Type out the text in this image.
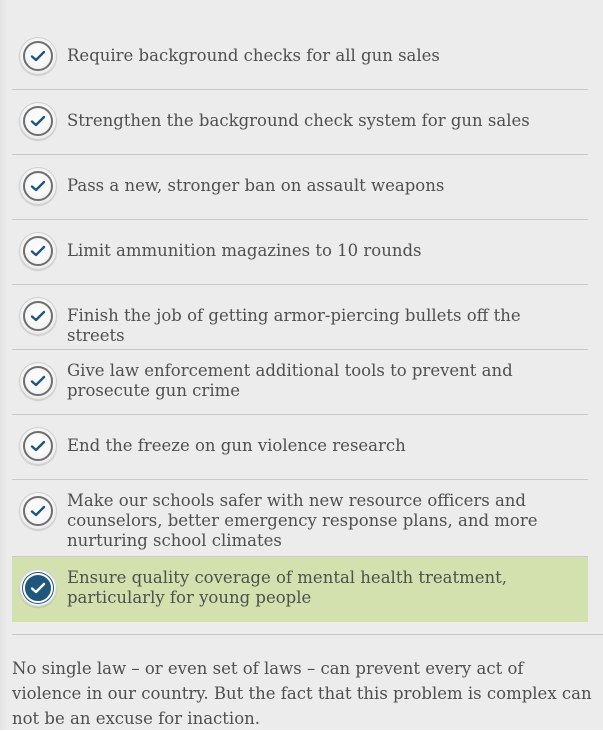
Require background checks for all gun sales
Strengthen the background check system for gun sales
Pass a new, stronger ban on assault weapons
Limit ammunition magazines to 10 rounds
Finish the job of getting armor-piercing bullets off the streets
Give law enforcement additional tools to prevent and prosecute gun crime
End the freeze on gun violence research
Make our schools safer with new resource officers and counselors, better emergency response plans, and more nurturing school climates
Ensure quality coverage of mental health treatment, particularly for young people
No single law – or even set of laws – can prevent every act of violence in our country. But the fact that this problem is complex can not be an excuse for inaction.
